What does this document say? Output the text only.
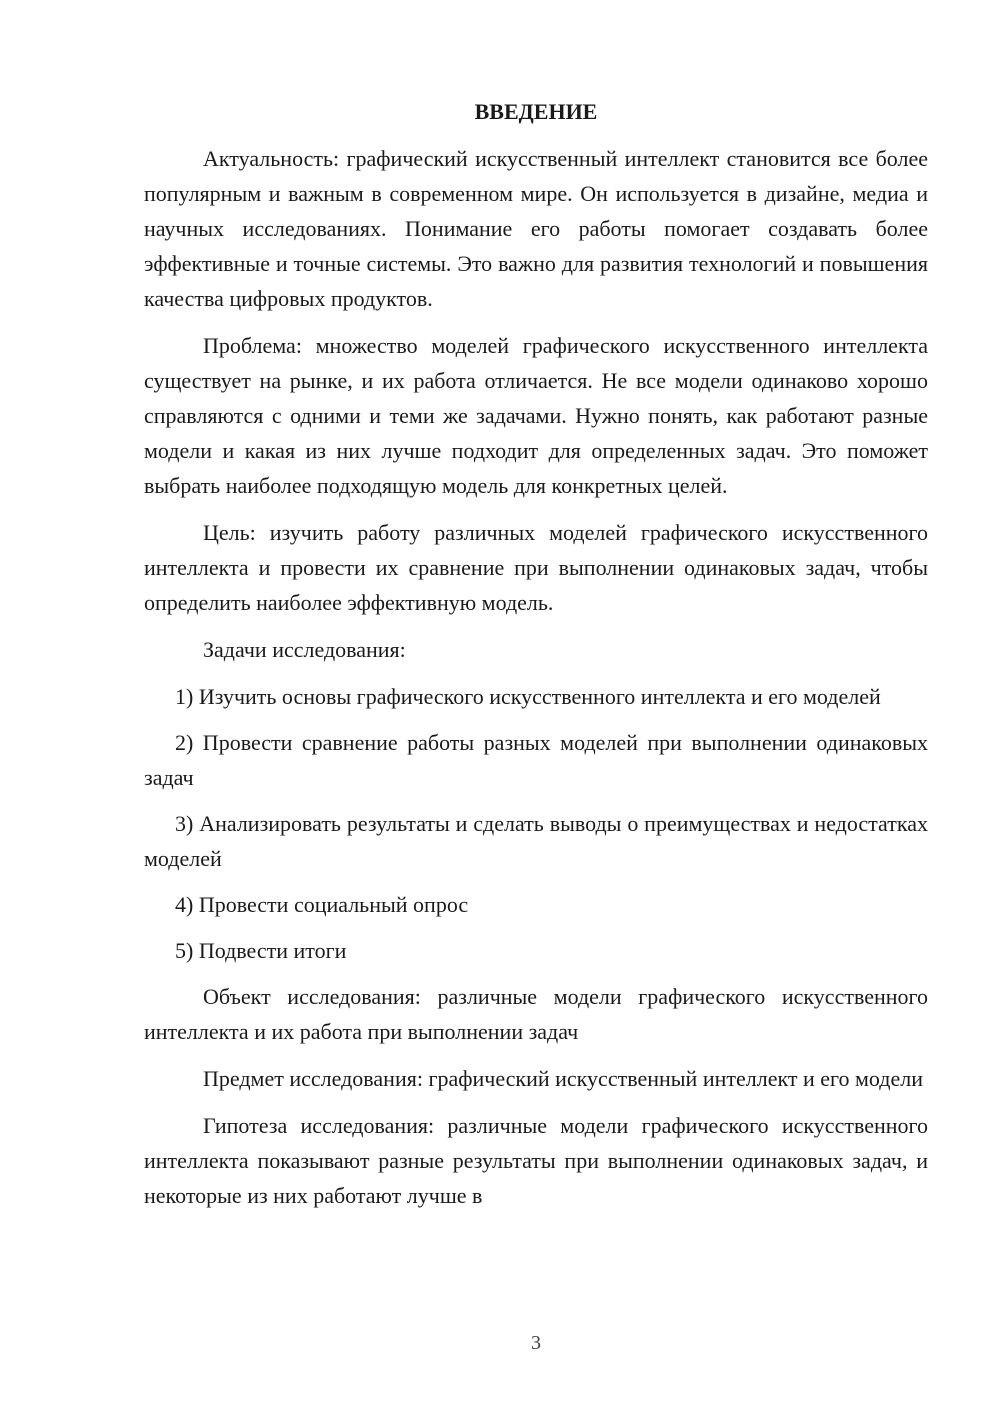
ВВЕДЕНИЕ

Актуальность: графический искусственный интеллект становится все более популярным и важным в современном мире. Он используется в дизайне, медиа и научных исследованиях. Понимание его работы помогает создавать более эффективные и точные системы. Это важно для развития технологий и повышения качества цифровых продуктов.

Проблема: множество моделей графического искусственного интеллекта существует на рынке, и их работа отличается. Не все модели одинаково хорошо справляются с одними и теми же задачами. Нужно понять, как работают разные модели и какая из них лучше подходит для определенных задач. Это поможет выбрать наиболее подходящую модель для конкретных целей.

Цель: изучить работу различных моделей графического искусственного интеллекта и провести их сравнение при выполнении одинаковых задач, чтобы определить наиболее эффективную модель.

Задачи исследования:

1) Изучить основы графического искусственного интеллекта и его моделей

2) Провести сравнение работы разных моделей при выполнении одинаковых задач

3) Анализировать результаты и сделать выводы о преимуществах и недостатках моделей

4) Провести социальный опрос

5) Подвести итоги

Объект исследования: различные модели графического искусственного интеллекта и их работа при выполнении задач

Предмет исследования: графический искусственный интеллект и его модели

Гипотеза исследования: различные модели графического искусственного интеллекта показывают разные результаты при выполнении одинаковых задач, и некоторые из них работают лучше в

3
